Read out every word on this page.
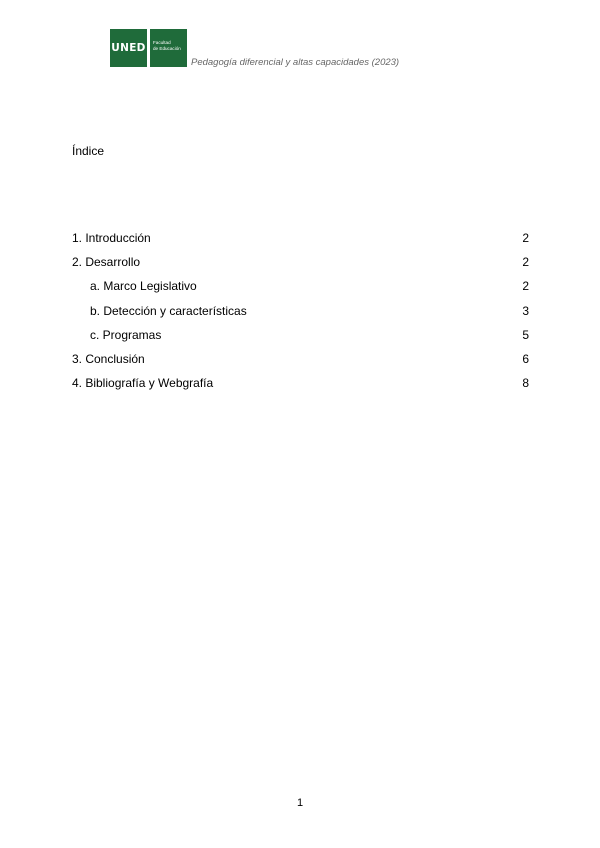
UNED Facultad
de Educación
Pedagogía diferencial y altas capacidades (2023)
Índice
1. Introducción	2
2. Desarrollo	2
a. Marco Legislativo	2
b. Detección y características	3
c. Programas	5
3. Conclusión	6
4. Bibliografía y Webgrafía	8
1
